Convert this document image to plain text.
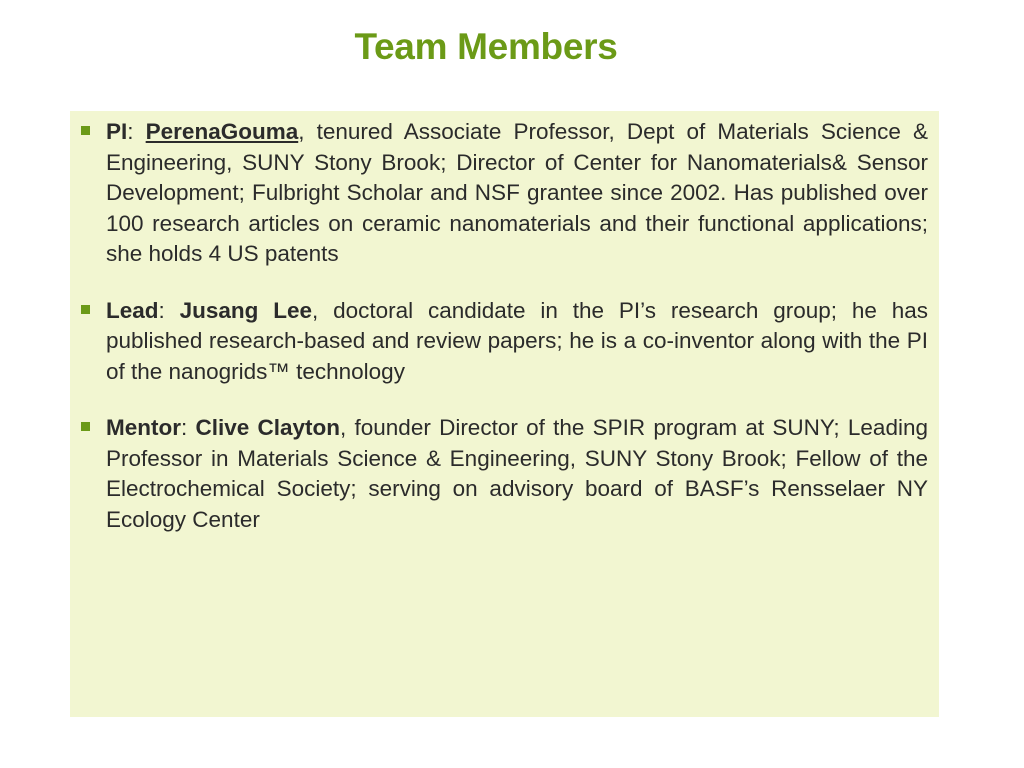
Team Members
PI: PerenaGouma, tenured Associate Professor, Dept of Materials Science & Engineering, SUNY Stony Brook; Director of Center for Nanomaterials& Sensor Development; Fulbright Scholar and NSF grantee since 2002. Has published over 100 research articles on ceramic nanomaterials and their functional applications; she holds 4 US patents
Lead: Jusang Lee, doctoral candidate in the PI’s research group; he has published research-based and review papers; he is a co-inventor along with the PI of the nanogrids™ technology
Mentor: Clive Clayton, founder Director of the SPIR program at SUNY; Leading Professor in Materials Science & Engineering, SUNY Stony Brook; Fellow of the Electrochemical Society; serving on advisory board of BASF’s Rensselaer NY Ecology Center
